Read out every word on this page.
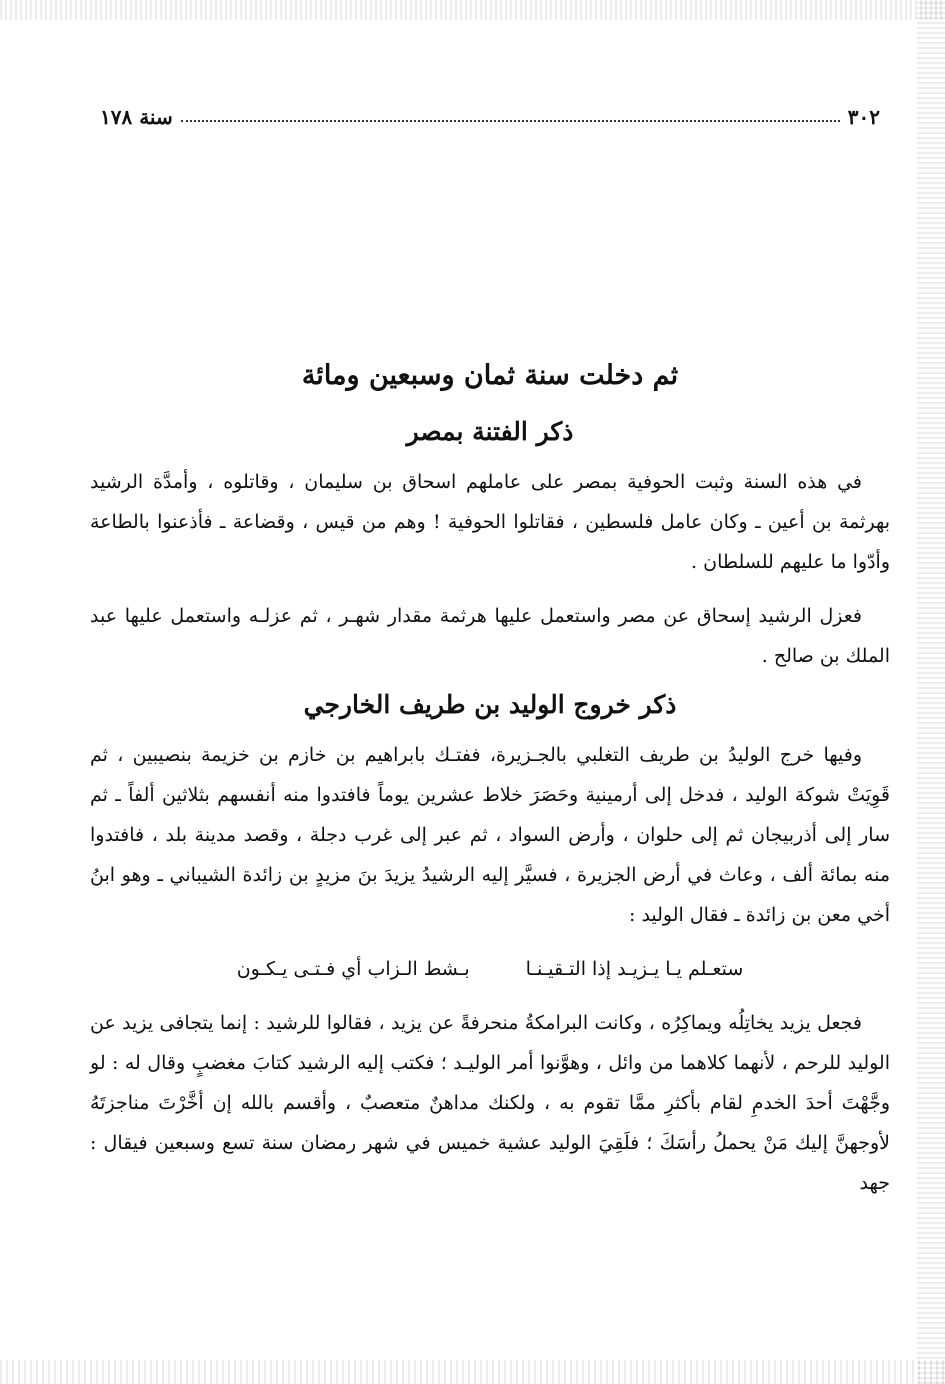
٣٠٢
سنة ١٧٨
ثم دخلت سنة ثمان وسبعين ومائة
ذكر الفتنة بمصر

في هذه السنة وثبت الحوفية بمصر على عاملهم اسحاق بن سليمان ، وقاتلوه ، وأمدَّة الرشيد بهرثمة بن أعين ـ وكان عامل فلسطين ، فقاتلوا الحوفية ! وهم من قيس ، وقضاعة ـ فأذعنوا بالطاعة وأدّوا ما عليهم للسلطان .

فعزل الرشيد إسحاق عن مصر واستعمل عليها هرثمة مقدار شهـر ، ثم عزلـه واستعمل عليها عبد الملك بن صالح .

ذكر خروج الوليد بن طريف الخارجي

وفيها خرج الوليدُ بن طريف التغلبي بالجـزيرة، ففتـك بابراهيم بن خازم بن خزيمة بنصيبين ، ثم قَوِيَتْ شوكة الوليد ، فدخل إلى أرمينية وحَصَرَ خلاط عشرين يوماً فافتدوا منه أنفسهم بثلاثين ألفاً ـ ثم سار إلى أذربيجان ثم إلى حلوان ، وأرض السواد ، ثم عبر إلى غرب دجلة ، وقصد مدينة بلد ، فافتدوا منه بمائة ألف ، وعاث في أرض الجزيرة ، فسيَّر إليه الرشيدُ يزيدَ بنَ مزيدٍ بن زائدة الشيباني ـ وهو ابنُ أخي معن بن زائدة ـ فقال الوليد :

ستعـلم يـا يـزيـد إذا التـقيـنـا
بـشط الـزاب أي فـتـى يـكـون

فجعل يزيد يخاتِلُه ويماكِرُه ، وكانت البرامكةُ منحرفةً عن يزيد ، فقالوا للرشيد : إنما يتجافى يزيد عن الوليد للرحم ، لأنهما كلاهما من وائل ، وهوَّنوا أمر الوليـد ؛ فكتب إليه الرشيد كتابَ مغضبٍ وقال له : لو وجَّهْتَ أحدَ الخدمِ لقام بأكثرِ ممَّا تقوم به ، ولكنك مداهنٌ متعصبٌ ، وأقسم بالله إن أخَّرْتَ مناجزتَهُ لأوجهنَّ إليك مَنْ يحملُ رأسَكَ ؛ فلَقِيَ الوليد عشية خميس في شهر رمضان سنة تسع وسبعين فيقال : جهد
